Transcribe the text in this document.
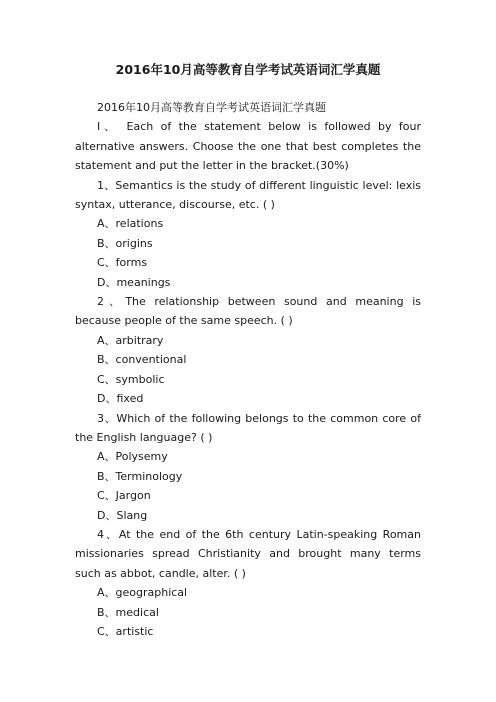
2016年10月高等教育自学考试英语词汇学真题

2016年10月高等教育自学考试英语词汇学真题

I、 Each of the statement below is followed by four alternative answers. Choose the one that best completes the statement and put the letter in the bracket.(30%)

1、Semantics is the study of different linguistic level: lexis syntax, utterance, discourse, etc. ( )

A、relations

B、origins

C、forms

D、meanings

2、The relationship between sound and meaning is because people of the same speech. ( )

A、arbitrary

B、conventional

C、symbolic

D、fixed

3、Which of the following belongs to the common core of the English language? ( )

A、Polysemy

B、Terminology

C、Jargon

D、Slang

4、At the end of the 6th century Latin-speaking Roman missionaries spread Christianity and brought many terms such as abbot, candle, alter. ( )

A、geographical

B、medical

C、artistic
